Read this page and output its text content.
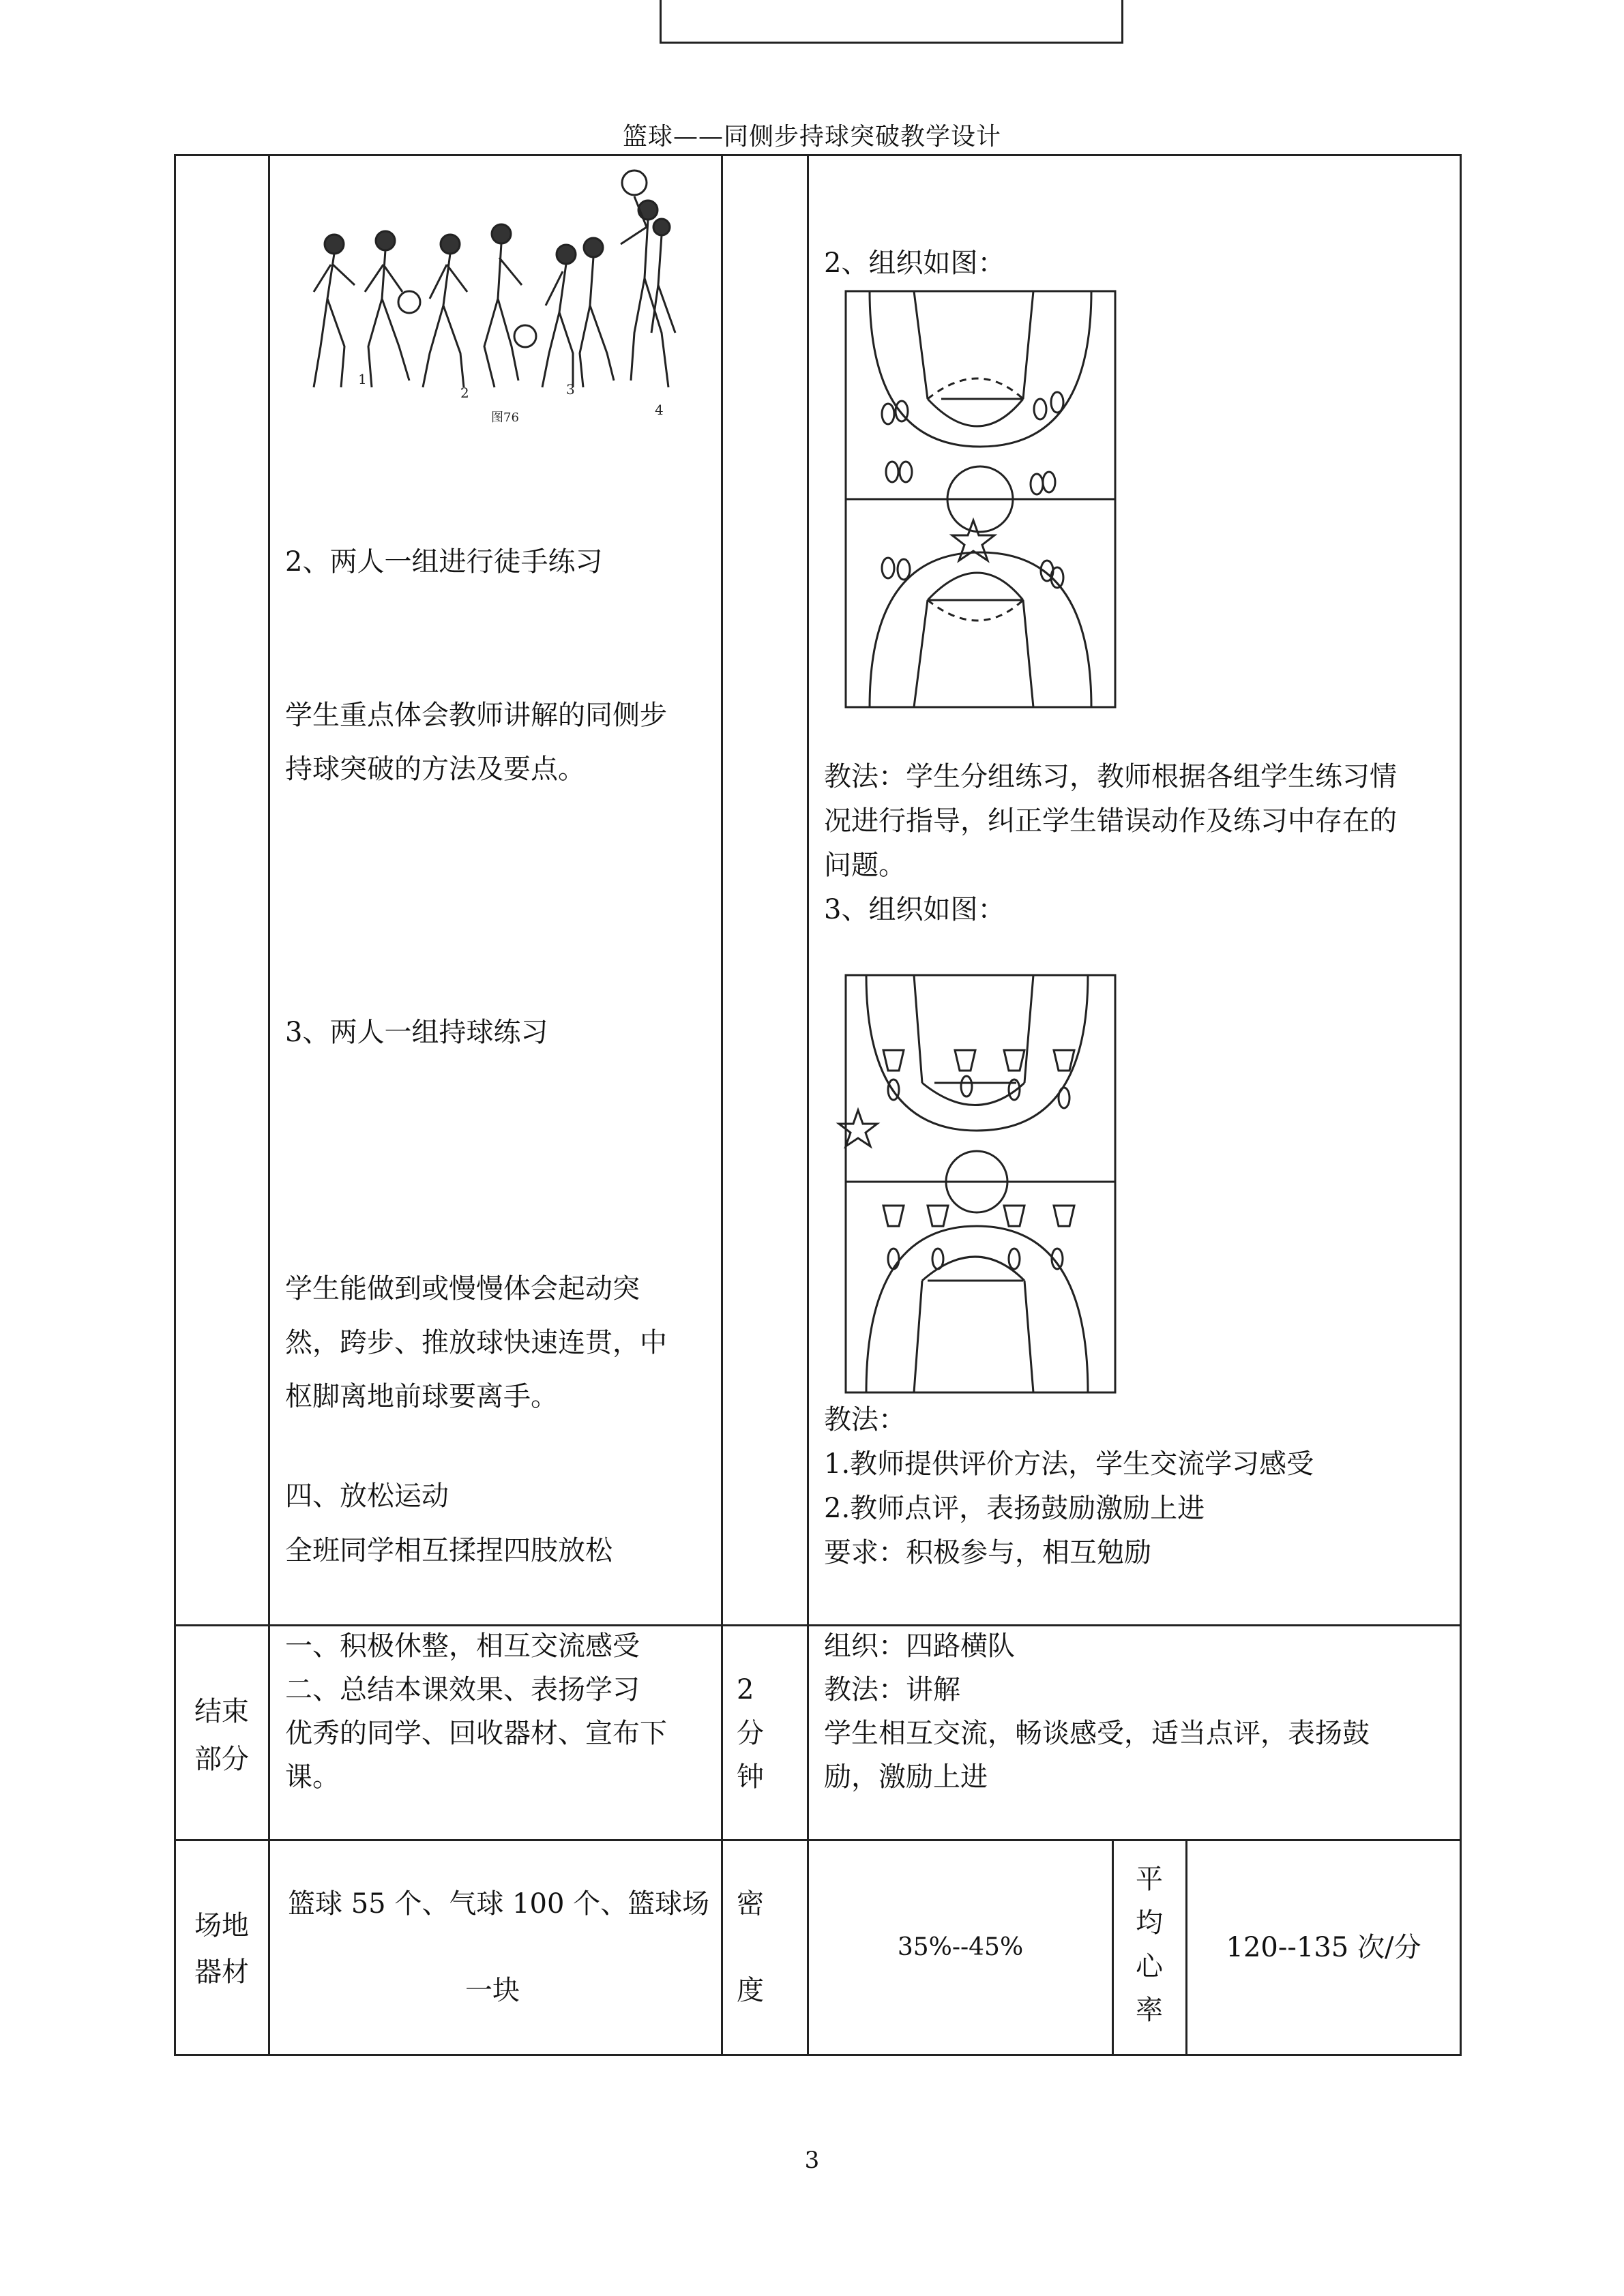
篮球——同侧步持球突破教学设计
1
2	3
4
图76
2、两人一组进行徒手练习
学生重点体会教师讲解的同侧步
持球突破的方法及要点。
3、两人一组持球练习
学生能做到或慢慢体会起动突
然，跨步、推放球快速连贯，中
枢脚离地前球要离手。
四、放松运动
全班同学相互揉捏四肢放松
2、组织如图：
教法：学生分组练习，教师根据各组学生练习情
况进行指导，纠正学生错误动作及练习中存在的
问题。
3、组织如图：
教法：
1.教师提供评价方法，学生交流学习感受
2.教师点评，表扬鼓励激励上进
要求：积极参与，相互勉励
结束
部分
一、积极休整，相互交流感受
二、总结本课效果、表扬学习
优秀的同学、回收器材、宣布下
课。
2
分
钟
组织：四路横队
教法：讲解
学生相互交流，畅谈感受，适当点评，表扬鼓
励，激励上进
场地
器材
篮球 55 个、气球 100 个、篮球场
一块
密
度
35%--45%
平
均
心
率
120--135 次/分
3
